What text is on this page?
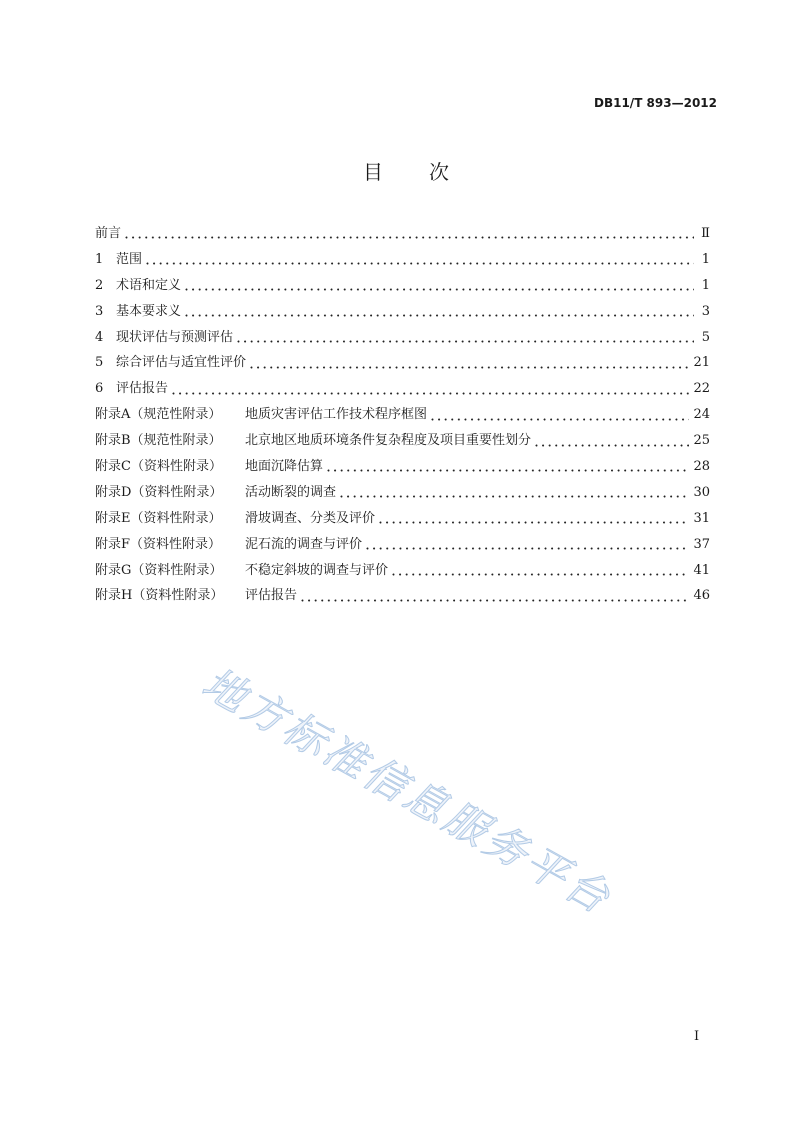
DB11/T 893—2012
目　　次
前言	Ⅱ
1 范围	1
2 术语和定义	1
3 基本要求义	3
4 现状评估与预测评估	5
5 综合评估与适宜性评价	21
6 评估报告	22
附录A（规范性附录）	地质灾害评估工作技术程序框图	24
附录B（规范性附录）	北京地区地质环境条件复杂程度及项目重要性划分	25
附录C（资料性附录）	地面沉降估算	28
附录D（资料性附录）	活动断裂的调查	30
附录E（资料性附录）	滑坡调查、分类及评价	31
附录F（资料性附录）	泥石流的调查与评价	37
附录G（资料性附录）	不稳定斜坡的调查与评价	41
附录H（资料性附录）	评估报告	46
地方标准信息服务平台
I
